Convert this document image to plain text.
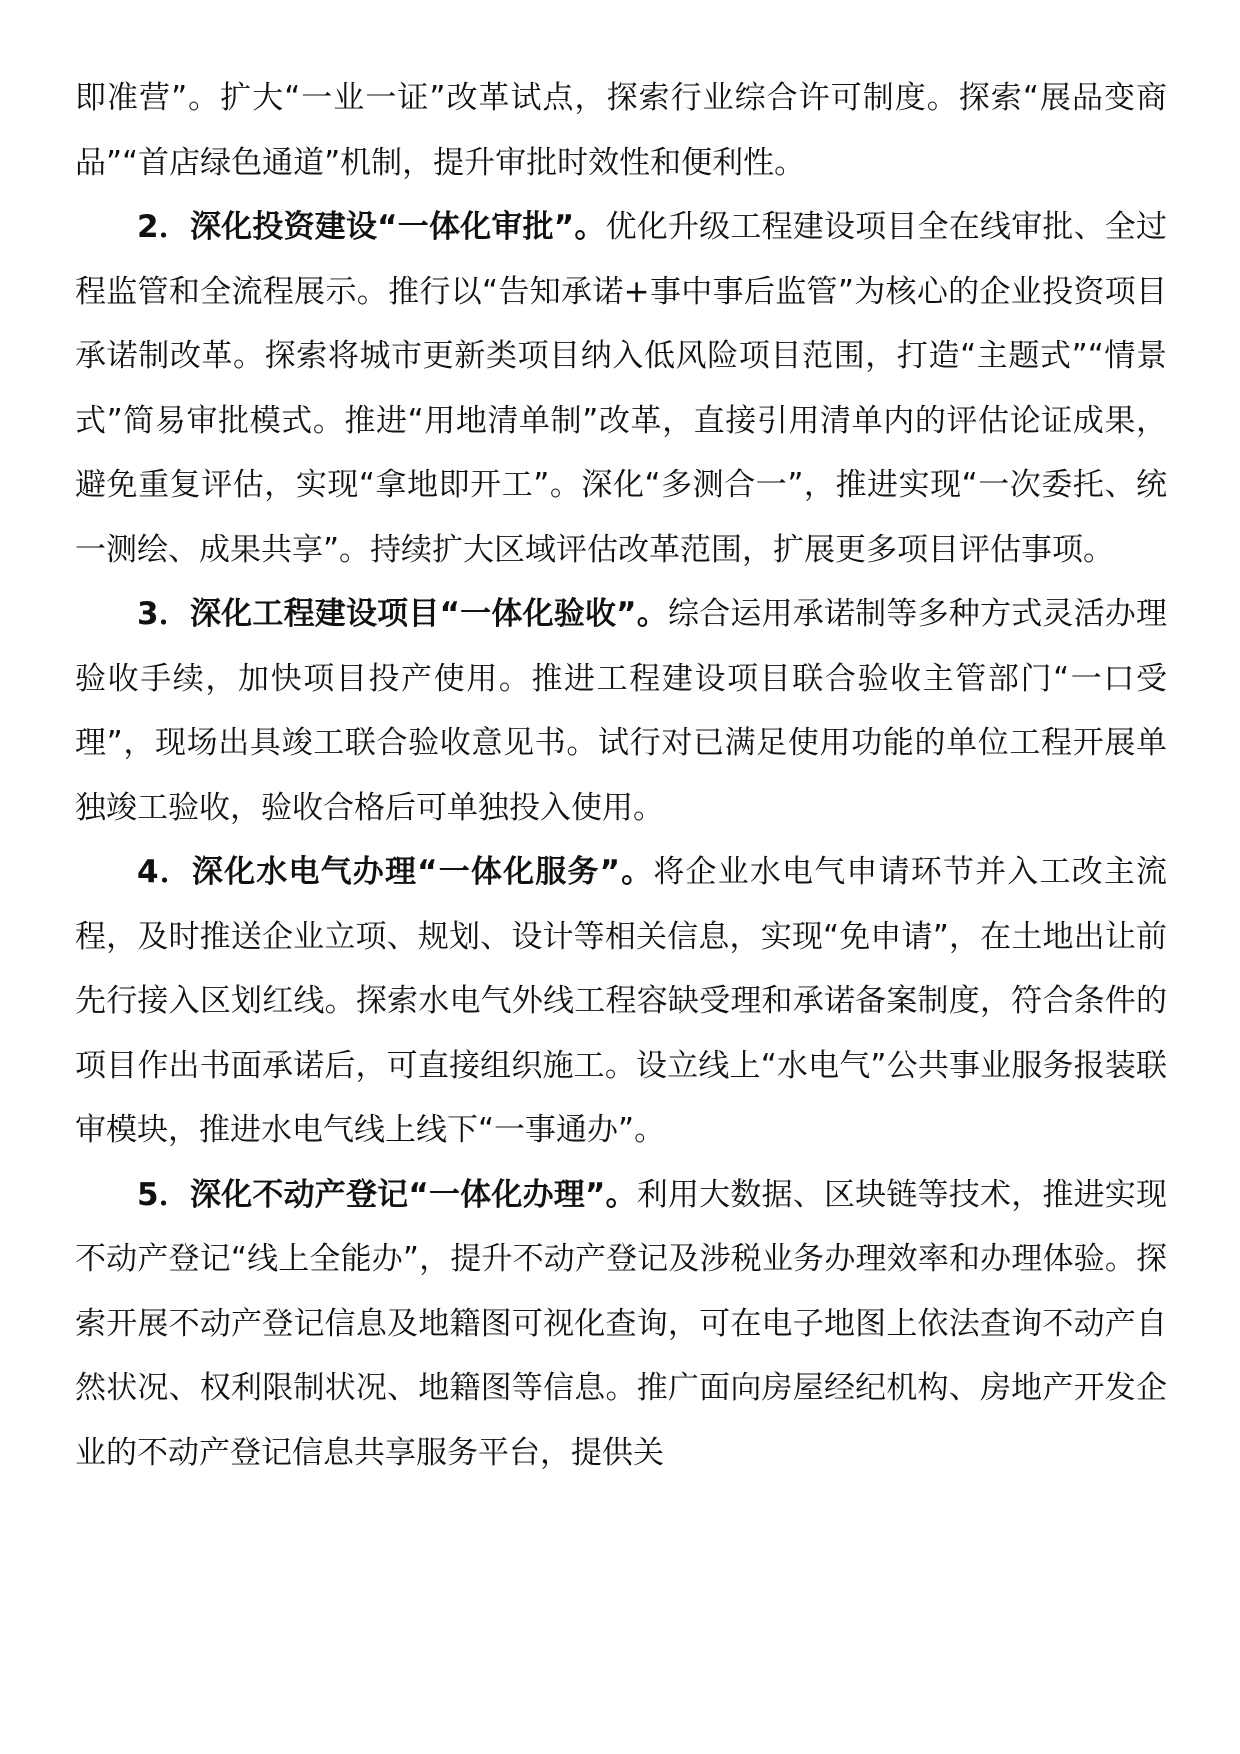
即准营”。扩大“一业一证”改革试点，探索行业综合许可制度。探索“展品变商品”“首店绿色通道”机制，提升审批时效性和便利性。

2．深化投资建设“一体化审批”。优化升级工程建设项目全在线审批、全过程监管和全流程展示。推行以“告知承诺+事中事后监管”为核心的企业投资项目承诺制改革。探索将城市更新类项目纳入低风险项目范围，打造“主题式”“情景式”简易审批模式。推进“用地清单制”改革，直接引用清单内的评估论证成果，避免重复评估，实现“拿地即开工”。深化“多测合一”，推进实现“一次委托、统一测绘、成果共享”。持续扩大区域评估改革范围，扩展更多项目评估事项。

3．深化工程建设项目“一体化验收”。综合运用承诺制等多种方式灵活办理验收手续，加快项目投产使用。推进工程建设项目联合验收主管部门“一口受理”，现场出具竣工联合验收意见书。试行对已满足使用功能的单位工程开展单独竣工验收，验收合格后可单独投入使用。

4．深化水电气办理“一体化服务”。将企业水电气申请环节并入工改主流程，及时推送企业立项、规划、设计等相关信息，实现“免申请”，在土地出让前先行接入区划红线。探索水电气外线工程容缺受理和承诺备案制度，符合条件的项目作出书面承诺后，可直接组织施工。设立线上“水电气”公共事业服务报装联审模块，推进水电气线上线下“一事通办”。

5．深化不动产登记“一体化办理”。利用大数据、区块链等技术，推进实现不动产登记“线上全能办”，提升不动产登记及涉税业务办理效率和办理体验。探索开展不动产登记信息及地籍图可视化查询，可在电子地图上依法查询不动产自然状况、权利限制状况、地籍图等信息。推广面向房屋经纪机构、房地产开发企业的不动产登记信息共享服务平台，提供关
